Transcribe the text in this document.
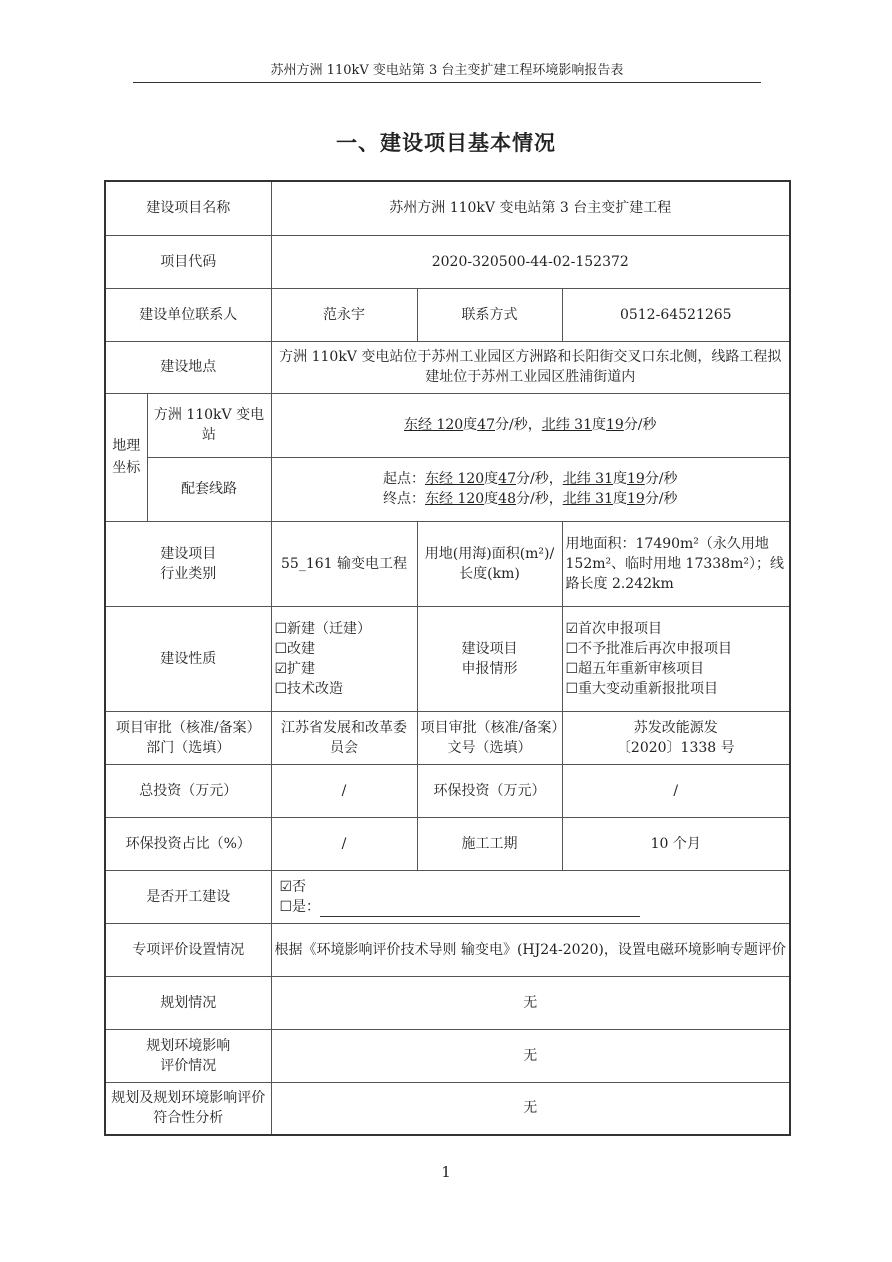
苏州方洲 110kV 变电站第 3 台主变扩建工程环境影响报告表
一、建设项目基本情况
建设项目名称		苏州方洲 110kV 变电站第 3 台主变扩建工程		
项目代码		2020-320500-44-02-152372		
建设单位联系人		范永宇	联系方式	0512-64521265
建设地点		方洲 110kV 变电站位于苏州工业园区方洲路和长阳街交叉口东北侧，线路工程拟建址位于苏州工业园区胜浦街道内		
地理坐标	方洲 110kV 变电站	东经 120度47分/秒，北纬 31度19分/秒		
	配套线路	起点：东经 120度47分/秒，北纬 31度19分/秒
终点：东经 120度48分/秒，北纬 31度19分/秒		

建设项目
行业类别		55_161 输变电工程	用地(用海)面积(m²)/长度(km)	用地面积：17490m²（永久用地152m²、临时用地 17338m²）；线路长度 2.242km
建设性质		☐新建（迁建）
☐改建
☑扩建
☐技术改造	建设项目
申报情形	☑首次申报项目
☐不予批准后再次申报项目
☐超五年重新审核项目
☐重大变动重新报批项目

项目审批（核准/备案）部门（选填）		江苏省发展和改革委员会	项目审批（核准/备案）文号（选填）	苏发改能源发
〔2020〕1338 号
总投资（万元）		/	环保投资（万元）	/
环保投资占比（%）		/	施工工期	10 个月
是否开工建设		☑否
☐是：		

专项评价设置情况		根据《环境影响评价技术导则 输变电》(HJ24-2020)，设置电磁环境影响专题评价		
规划情况		无		
规划环境影响
评价情况		无		
规划及规划环境影响评价符合性分析		无		
1
